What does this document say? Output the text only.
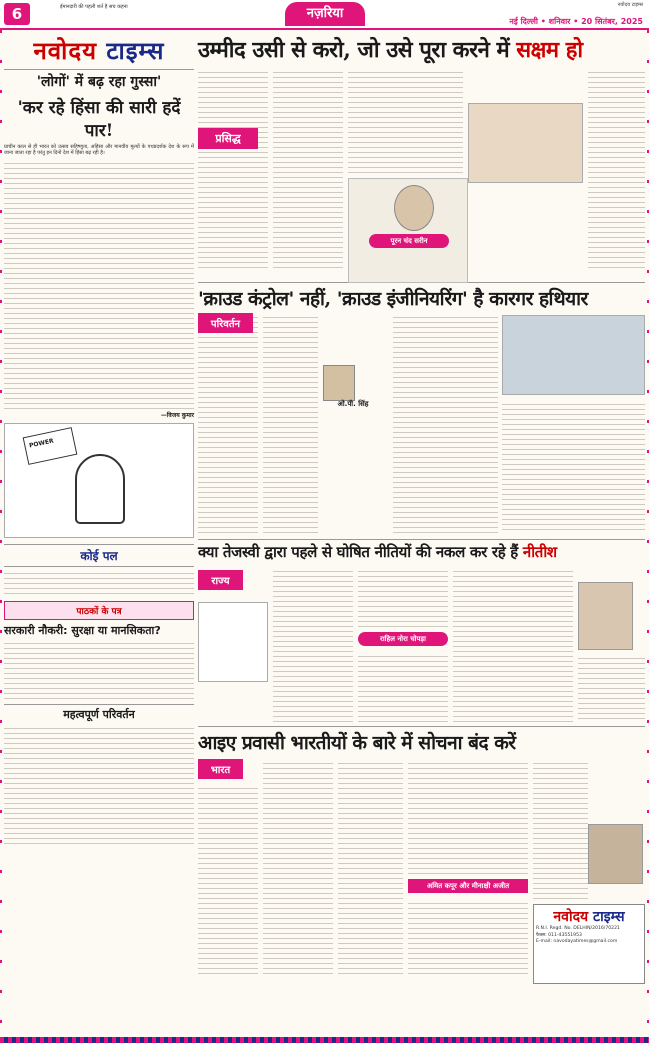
6	ईमानदारी की पहली शर्त है सच कहना	नज़रिया
नवोदय टाइम्स
नई दिल्ली • शनिवार • 20 सितंबर, 2025
नवोदय टाइम्स
'लोगों' में बढ़ रहा गुस्सा'
'कर रहे हिंसा की सारी हदें पार!
प्राचीन काल से ही भारत को उत्सव सहिष्णुता, अहिंसा और मानवीय मूल्यों के पथप्रदर्शक देश के रूप में जाना जाता रहा है परंतु इन दिनों देश में हिंसा बढ़ रही है।
—विजय कुमार
POWER
कोई पल
पाठकों के पत्र
सरकारी नौकरी: सुरक्षा या मानसिकता?
महत्वपूर्ण परिवर्तन
उम्मीद उसी से करो, जो उसे पूरा करने में सक्षम हो
प्रसिद्ध
पूरन चंद सरीन
'क्राउड कंट्रोल' नहीं, 'क्राउड इंजीनियरिंग' है कारगर हथियार
परिवर्तन
ओ.पी. सिंह
क्या तेजस्वी द्वारा पहले से घोषित नीतियों की नकल कर रहे हैं नीतीश
राज्य
राहिल नोरा चोपड़ा
आइए प्रवासी भारतीयों के बारे में सोचना बंद करें
भारत
अमित कपूर और मीनाक्षी अजीत
नवोदय टाइम्स
R.N.I. Regd. No. DELHIN/2016/70221
फैक्स: 011-43551953
E-mail: navodayatimes@gmail.com
